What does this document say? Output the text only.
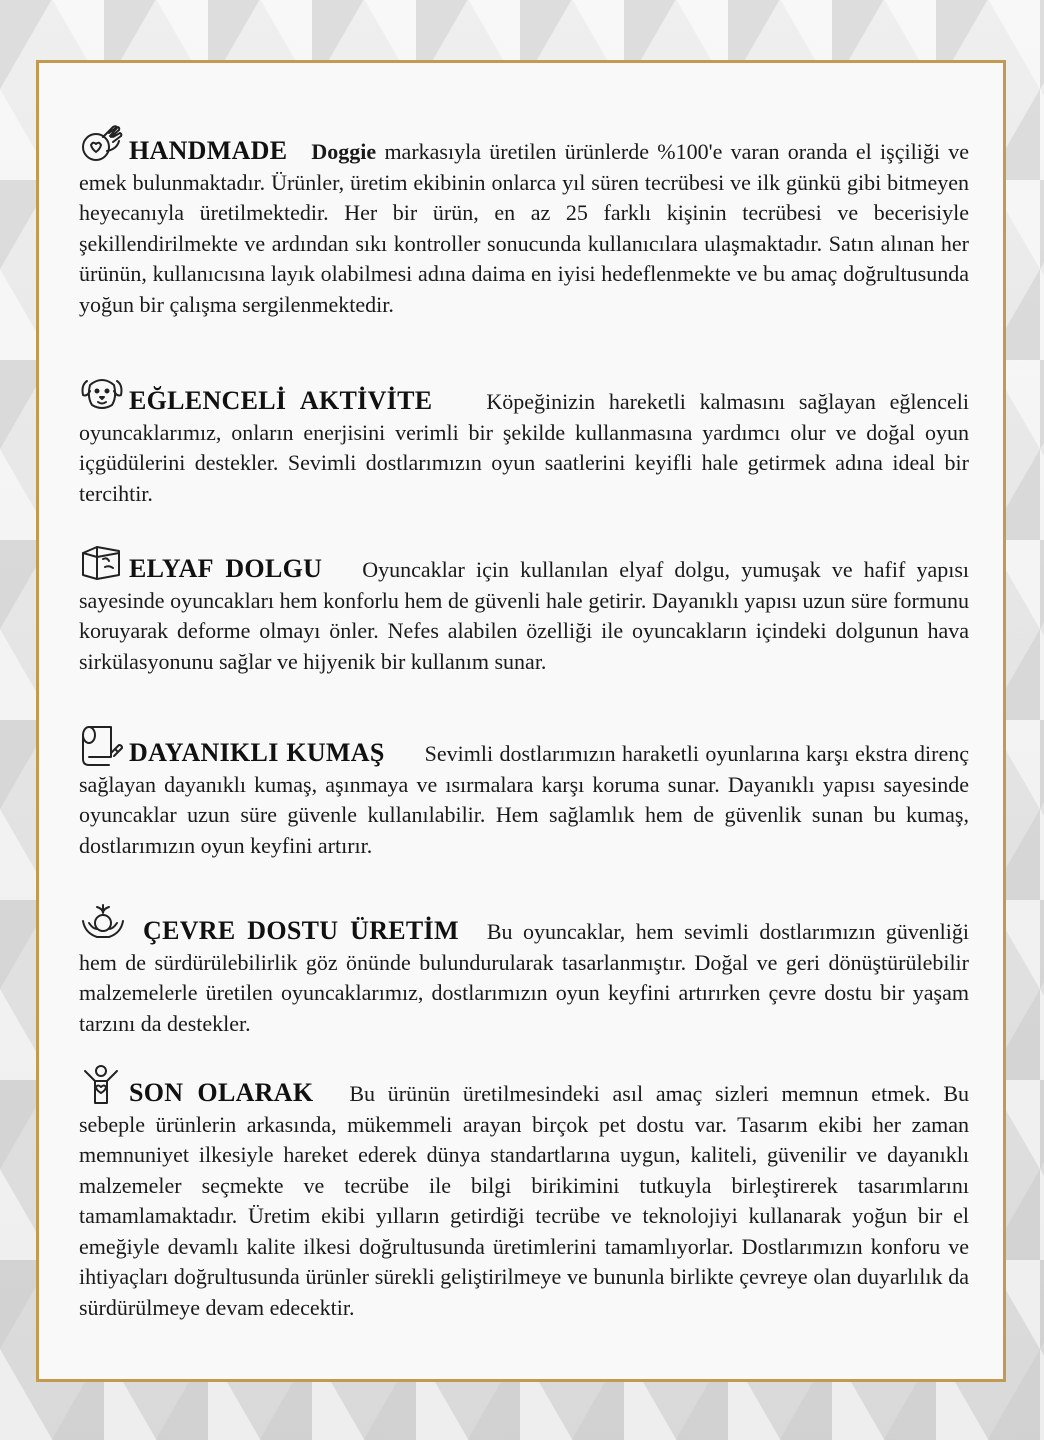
HANDMADE Doggie markasıyla üretilen ürünlerde %100'e varan oranda el işçiliği ve emek bulunmaktadır. Ürünler, üretim ekibinin onlarca yıl süren tecrübesi ve ilk günkü gibi bitmeyen heyecanıyla üretilmektedir. Her bir ürün, en az 25 farklı kişinin tecrübesi ve becerisiyle şekillendirilmekte ve ardından sıkı kontroller sonucunda kullanıcılara ulaşmaktadır. Satın alınan her ürünün, kullanıcısına layık olabilmesi adına daima en iyisi hedeflenmekte ve bu amaç doğrultusunda yoğun bir çalışma sergilenmektedir.

EĞLENCELİ AKTİVİTE Köpeğinizin hareketli kalmasını sağlayan eğlenceli oyuncaklarımız, onların enerjisini verimli bir şekilde kullanmasına yardımcı olur ve doğal oyun içgüdülerini destekler. Sevimli dostlarımızın oyun saatlerini keyifli hale getirmek adına ideal bir tercihtir.

ELYAF DOLGU Oyuncaklar için kullanılan elyaf dolgu, yumuşak ve hafif yapısı sayesinde oyuncakları hem konforlu hem de güvenli hale getirir. Dayanıklı yapısı uzun süre formunu koruyarak deforme olmayı önler. Nefes alabilen özelliği ile oyuncakların içindeki dolgunun hava sirkülasyonunu sağlar ve hijyenik bir kullanım sunar.

DAYANIKLI KUMAŞ Sevimli dostlarımızın haraketli oyunlarına karşı ekstra direnç sağlayan dayanıklı kumaş, aşınmaya ve ısırmalara karşı koruma sunar. Dayanıklı yapısı sayesinde oyuncaklar uzun süre güvenle kullanılabilir. Hem sağlamlık hem de güvenlik sunan bu kumaş, dostlarımızın oyun keyfini artırır.

ÇEVRE DOSTU ÜRETİM Bu oyuncaklar, hem sevimli dostlarımızın güvenliği hem de sürdürülebilirlik göz önünde bulundurularak tasarlanmıştır. Doğal ve geri dönüştürülebilir malzemelerle üretilen oyuncaklarımız, dostlarımızın oyun keyfini artırırken çevre dostu bir yaşam tarzını da destekler.

SON OLARAK Bu ürünün üretilmesindeki asıl amaç sizleri memnun etmek. Bu sebeple ürünlerin arkasında, mükemmeli arayan birçok pet dostu var. Tasarım ekibi her zaman memnuniyet ilkesiyle hareket ederek dünya standartlarına uygun, kaliteli, güvenilir ve dayanıklı malzemeler seçmekte ve tecrübe ile bilgi birikimini tutkuyla birleştirerek tasarımlarını tamamlamaktadır. Üretim ekibi yılların getirdiği tecrübe ve teknolojiyi kullanarak yoğun bir el emeğiyle devamlı kalite ilkesi doğrultusunda üretimlerini tamamlıyorlar. Dostlarımızın konforu ve ihtiyaçları doğrultusunda ürünler sürekli geliştirilmeye ve bununla birlikte çevreye olan duyarlılık da sürdürülmeye devam edecektir.
